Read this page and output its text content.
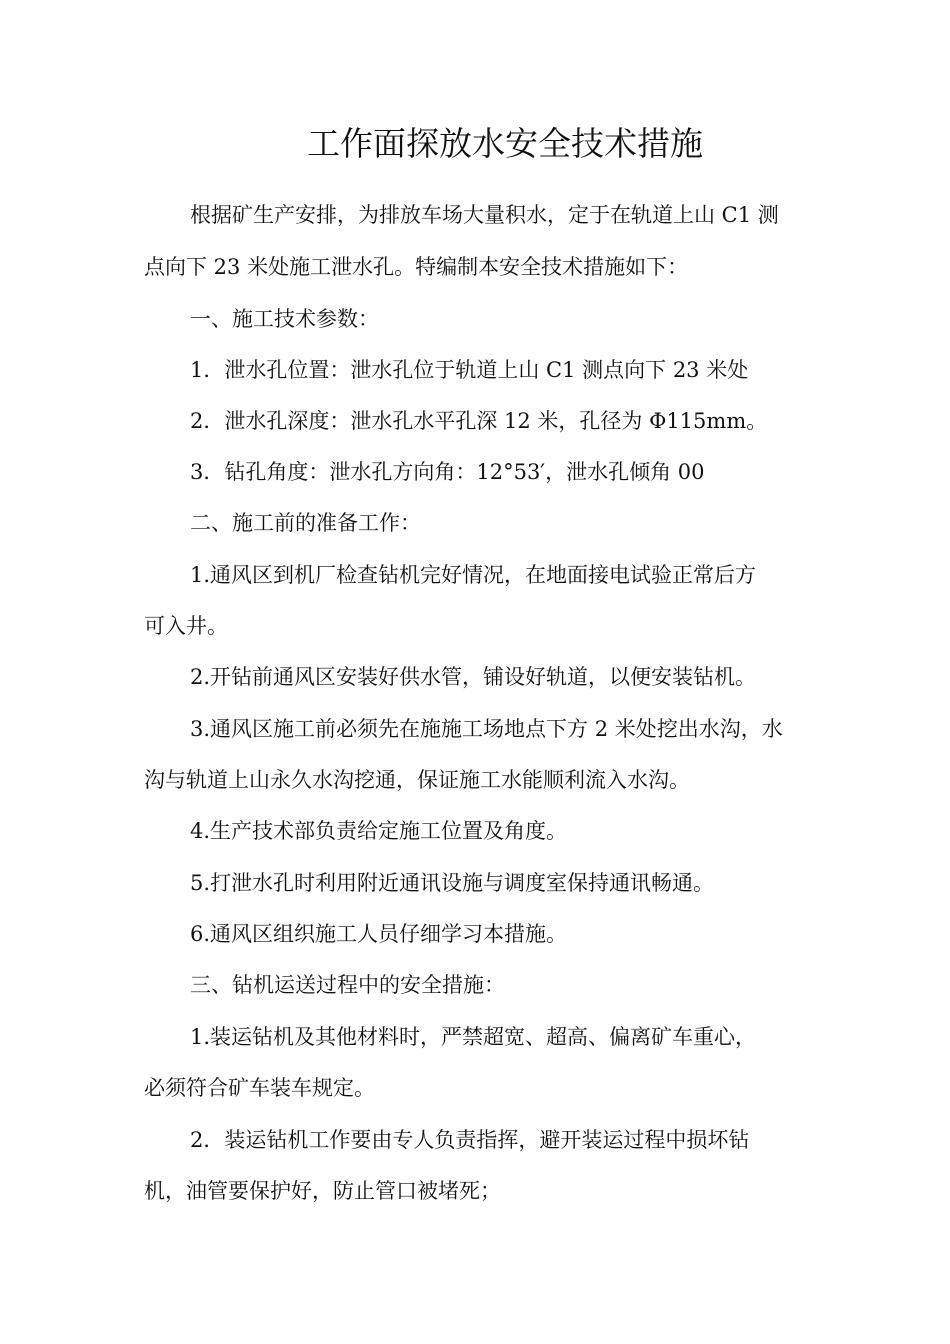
工作面探放水安全技术措施
根据矿生产安排，为排放车场大量积水，定于在轨道上山 C1 测
点向下 23 米处施工泄水孔。特编制本安全技术措施如下：
一、施工技术参数：
1．泄水孔位置：泄水孔位于轨道上山 C1 测点向下 23 米处
2．泄水孔深度：泄水孔水平孔深 12 米，孔径为 Φ115mm。
3．钻孔角度：泄水孔方向角：12°53′，泄水孔倾角 00
二、施工前的准备工作：
1.通风区到机厂检查钻机完好情况，在地面接电试验正常后方
可入井。
2.开钻前通风区安装好供水管，铺设好轨道，以便安装钻机。
3.通风区施工前必须先在施施工场地点下方 2 米处挖出水沟，水
沟与轨道上山永久水沟挖通，保证施工水能顺利流入水沟。
4.生产技术部负责给定施工位置及角度。
5.打泄水孔时利用附近通讯设施与调度室保持通讯畅通。
6.通风区组织施工人员仔细学习本措施。
三、钻机运送过程中的安全措施：
1.装运钻机及其他材料时，严禁超宽、超高、偏离矿车重心，
必须符合矿车装车规定。
2．装运钻机工作要由专人负责指挥，避开装运过程中损坏钻
机，油管要保护好，防止管口被堵死；
